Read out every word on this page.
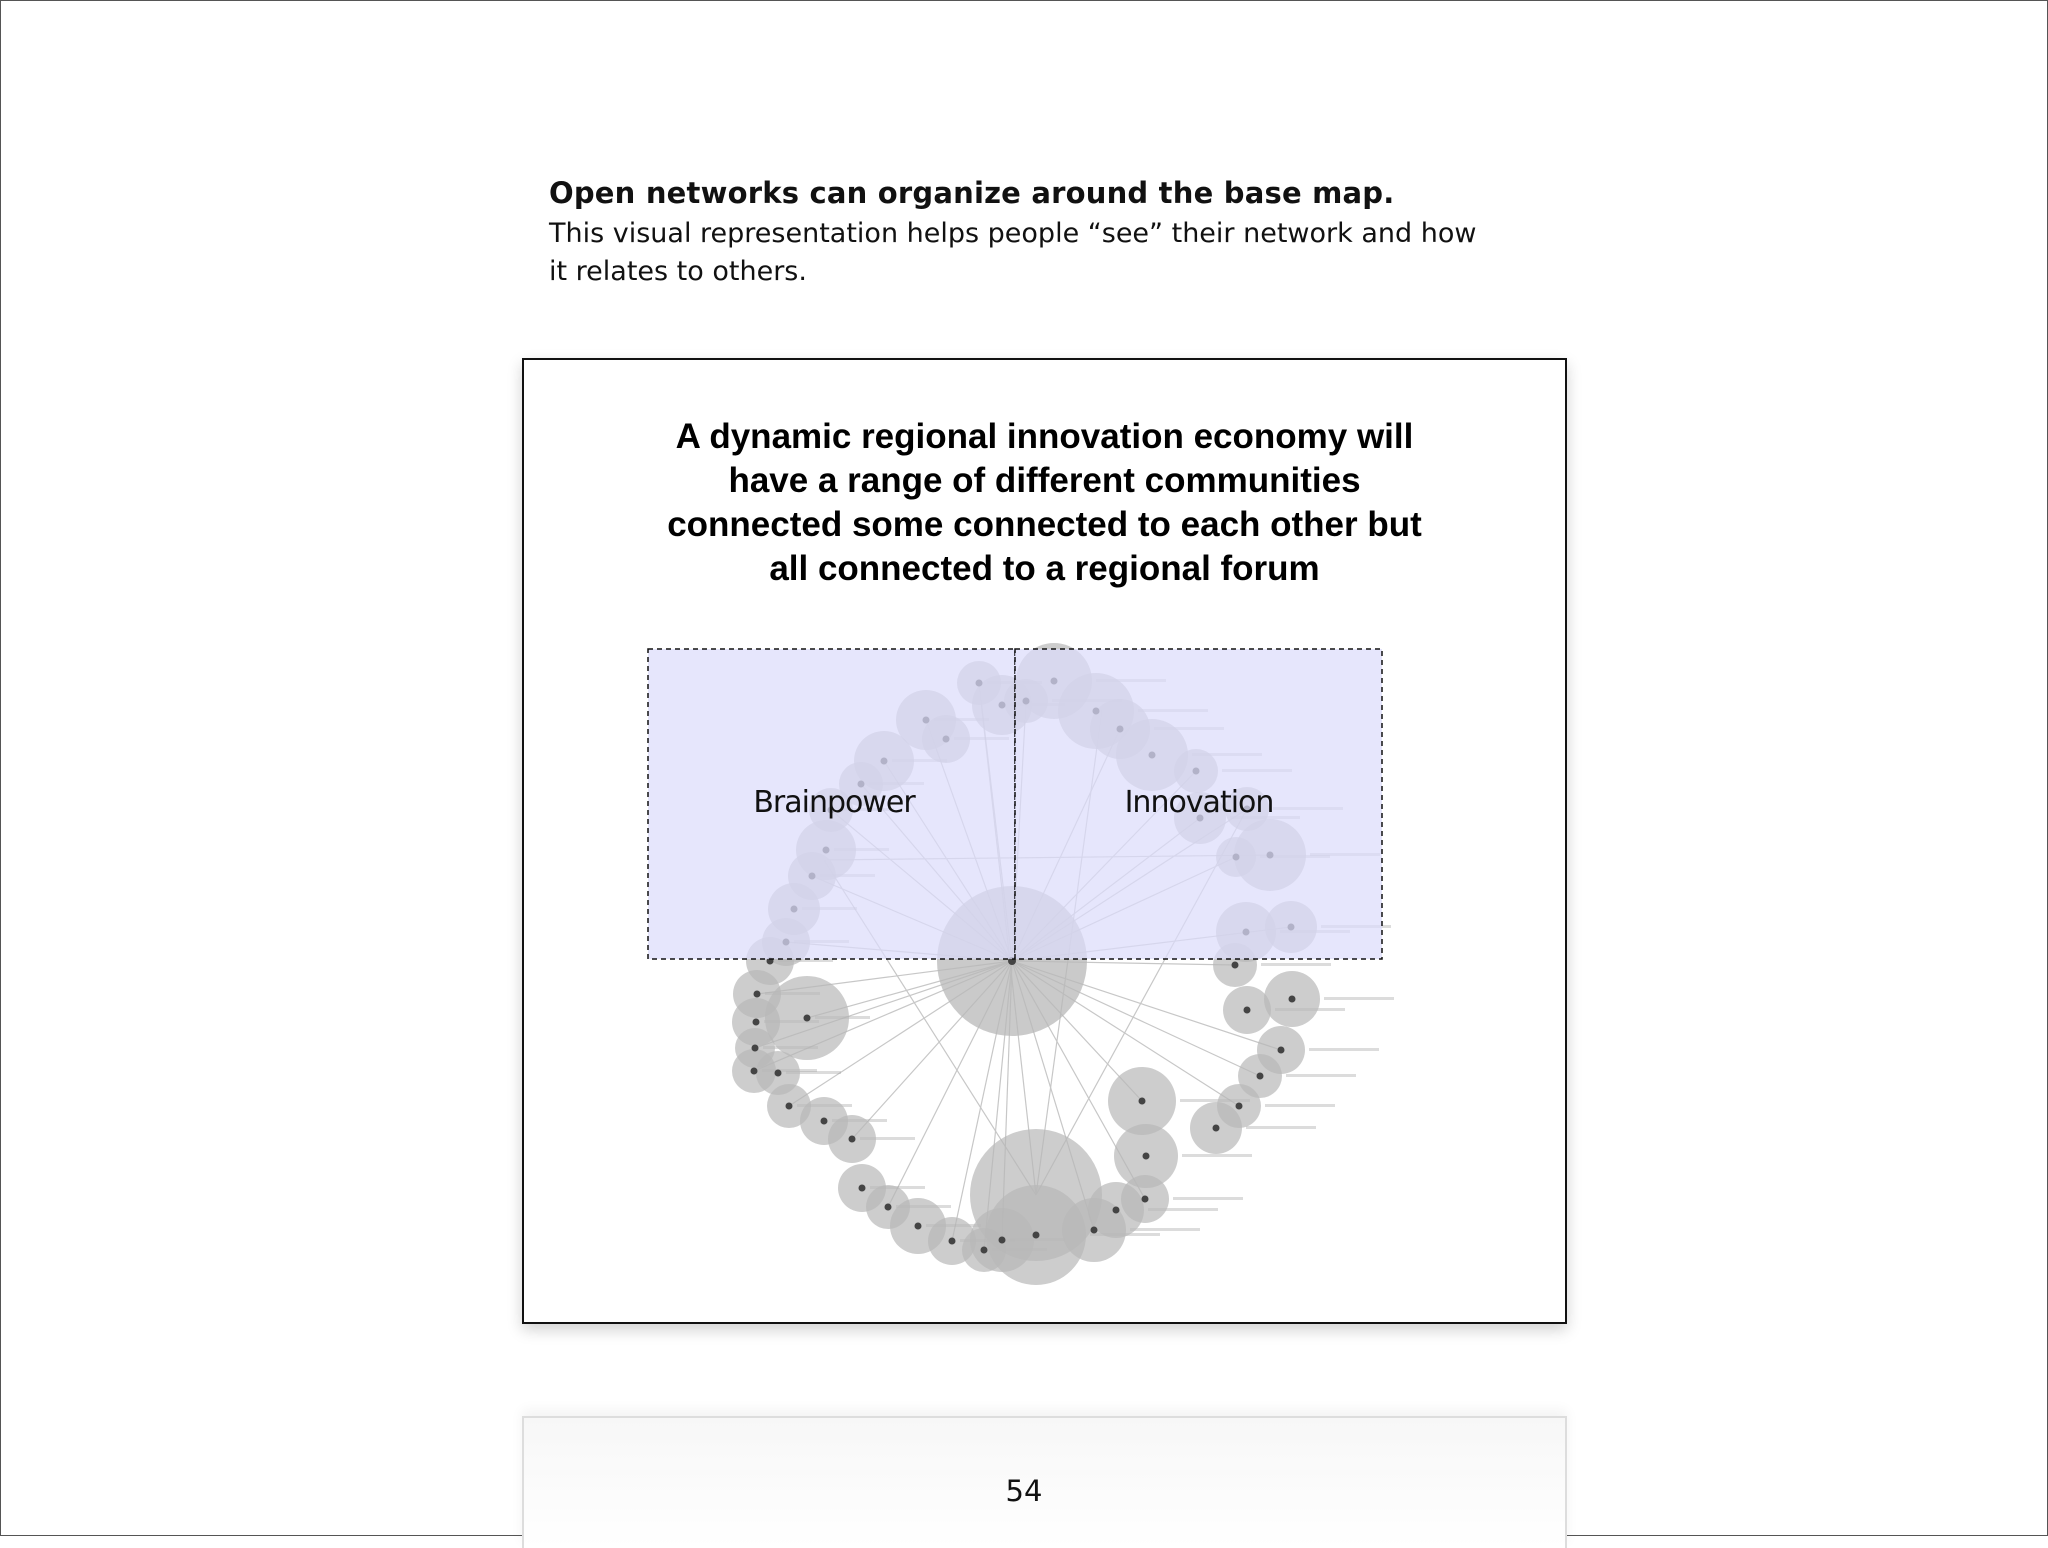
Open networks can organize around the base map.
This visual representation helps people “see” their network and how it relates to others.
Brainpower	Innovation
A dynamic regional innovation economy will
have a range of different communities
connected some connected to each other but
all connected to a regional forum
54
